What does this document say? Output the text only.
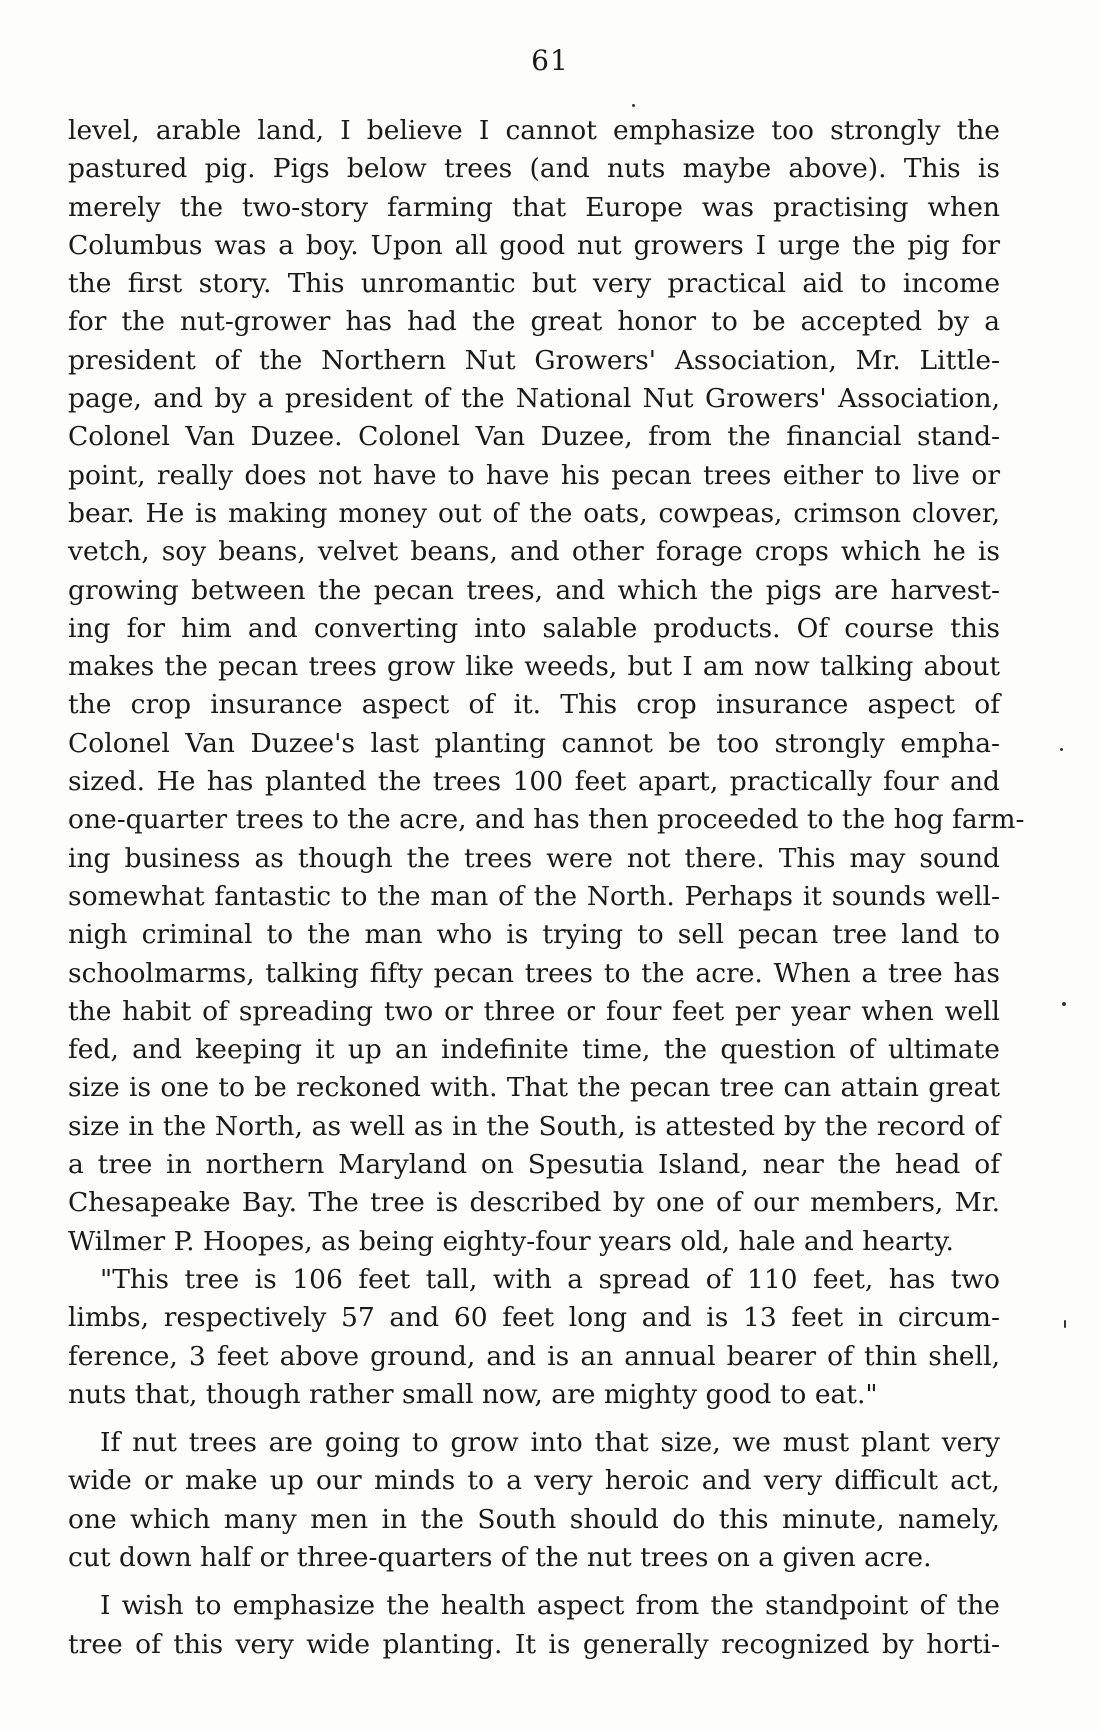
61
level, arable land, I believe I cannot emphasize too strongly the
pastured pig. Pigs below trees (and nuts maybe above). This is
merely the two-story farming that Europe was practising when
Columbus was a boy. Upon all good nut growers I urge the pig for
the first story. This unromantic but very practical aid to income
for the nut-grower has had the great honor to be accepted by a
president of the Northern Nut Growers' Association, Mr. Little-
page, and by a president of the National Nut Growers' Association,
Colonel Van Duzee. Colonel Van Duzee, from the financial stand-
point, really does not have to have his pecan trees either to live or
bear. He is making money out of the oats, cowpeas, crimson clover,
vetch, soy beans, velvet beans, and other forage crops which he is
growing between the pecan trees, and which the pigs are harvest-
ing for him and converting into salable products. Of course this
makes the pecan trees grow like weeds, but I am now talking about
the crop insurance aspect of it. This crop insurance aspect of
Colonel Van Duzee's last planting cannot be too strongly empha-
sized. He has planted the trees 100 feet apart, practically four and
one-quarter trees to the acre, and has then proceeded to the hog farm-
ing business as though the trees were not there. This may sound
somewhat fantastic to the man of the North. Perhaps it sounds well-
nigh criminal to the man who is trying to sell pecan tree land to
schoolmarms, talking fifty pecan trees to the acre. When a tree has
the habit of spreading two or three or four feet per year when well
fed, and keeping it up an indefinite time, the question of ultimate
size is one to be reckoned with. That the pecan tree can attain great
size in the North, as well as in the South, is attested by the record of
a tree in northern Maryland on Spesutia Island, near the head of
Chesapeake Bay. The tree is described by one of our members, Mr.
Wilmer P. Hoopes, as being eighty-four years old, hale and hearty.
"This tree is 106 feet tall, with a spread of 110 feet, has two
limbs, respectively 57 and 60 feet long and is 13 feet in circum-
ference, 3 feet above ground, and is an annual bearer of thin shell,
nuts that, though rather small now, are mighty good to eat."
If nut trees are going to grow into that size, we must plant very
wide or make up our minds to a very heroic and very difficult act,
one which many men in the South should do this minute, namely,
cut down half or three-quarters of the nut trees on a given acre.
I wish to emphasize the health aspect from the standpoint of the
tree of this very wide planting. It is generally recognized by horti-
